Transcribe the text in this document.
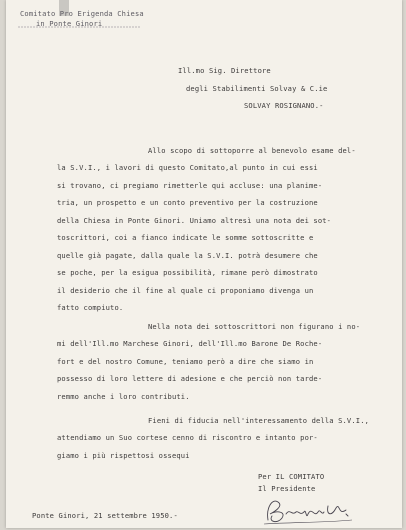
Comitato Pro Erigenda Chiesa
in Ponte Ginori
Ill.mo Sig. Direttore
degli Stabilimenti Solvay & C.ie
SOLVAY ROSIGNANO.-
Allo scopo di sottoporre al benevolo esame del-
la S.V.I., i lavori di questo Comitato,al punto in cui essi
si trovano, ci pregiamo rimetterle qui accluse: una planime-
tria, un prospetto e un conto preventivo per la costruzione
della Chiesa in Ponte Ginori. Uniamo altresì una nota dei sot-
toscrittori, coi a fianco indicate le somme sottoscritte e
quelle già pagate, dalla quale la S.V.I. potrà desumere che
se poche, per la esigua possibilità, rimane però dimostrato
il desiderio che il fine al quale ci proponiamo divenga un
fatto compiuto.
Nella nota dei sottoscrittori non figurano i no-
mi dell'Ill.mo Marchese Ginori, dell'Ill.mo Barone De Roche-
fort e del nostro Comune, teniamo però a dire che siamo in
possesso di loro lettere di adesione e che perciò non tarde-
remmo anche i loro contributi.
Fieni di fiducia nell'interessamento della S.V.I.,
attendiamo un Suo cortese cenno di riscontro e intanto por-
giamo i più rispettosi ossequi
Per IL COMITATO
Il Presidente
Ponte Ginori, 21 settembre 1950.-
